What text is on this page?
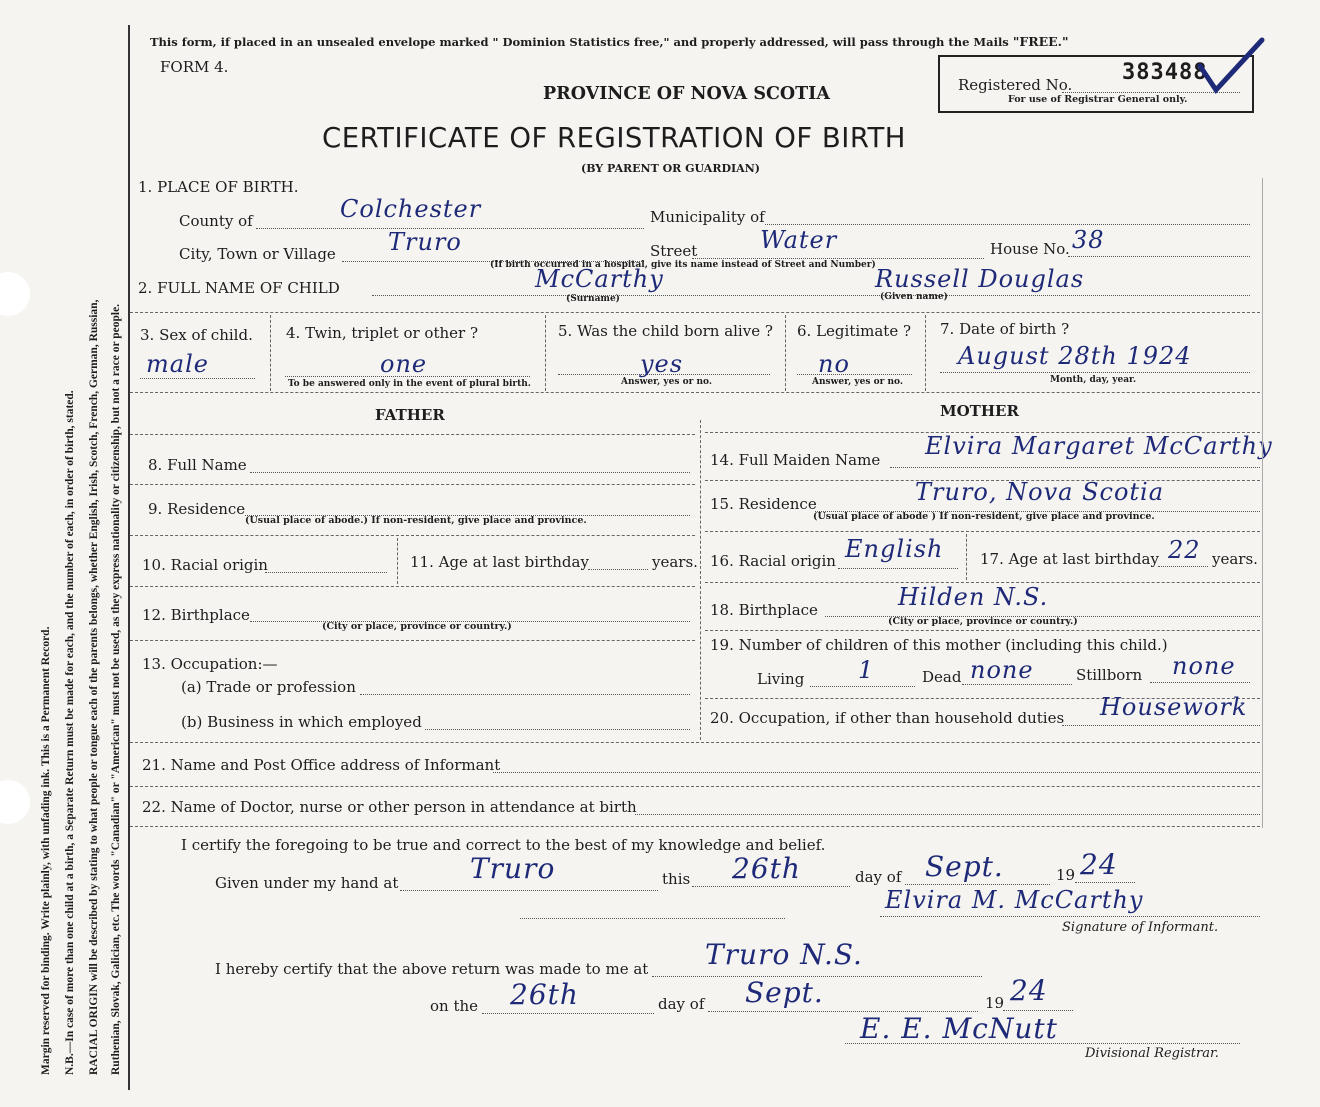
Margin reserved for binding. Write plainly, with unfading ink. This is a Permanent Record. N.B.—In case of more than one child at a birth, a Separate Return must be made for each, and the number of each, in order of birth, stated. RACIAL ORIGIN will be described by stating to what people or tongue each of the parents belongs, whether English, Irish, Scotch, French, German, Russian, Ruthenian, Slovak, Galician, etc. The words "Canadian" or "American" must not be used, as they express nationality or citizenship, but not a race or people.
This form, if placed in an unsealed envelope marked " Dominion Statistics free," and properly addressed, will pass through the Mails "FREE."
FORM 4.
PROVINCE OF NOVA SCOTIA
CERTIFICATE OF REGISTRATION OF BIRTH
(BY PARENT OR GUARDIAN)
Registered No. 383488
For use of Registrar General only.
1. PLACE OF BIRTH.
County of	Colchester	Municipality of
City, Town or Village Truro	Street	Water	House No. 38
(If birth occurred in a hospital, give its name instead of Street and Number)
2. FULL NAME OF CHILD	McCarthy
(Surname)
Russell Douglas
(Given name)
3. Sex of child.
male
4. Twin, triplet or other ?
one
To be answered only in the event of plural birth.
5. Was the child born alive ?
yes
Answer, yes or no.
6. Legitimate ?
no
Answer, yes or no.
7. Date of birth ?
August 28th 1924
Month, day, year.
FATHER	MOTHER
8. Full Name
9. Residence
(Usual place of abode.) If non-resident, give place and province.
10. Racial origin	11. Age at last birthday	years.
12. Birthplace
(City or place, province or country.)
13. Occupation:—
(a) Trade or profession
(b) Business in which employed
14. Full Maiden Name Elvira Margaret McCarthy
15. Residence	Truro, Nova Scotia
(Usual place of abode ) If non-resident, give place and province.
16. Racial origin English 17. Age at last birthday 22 years.
18. Birthplace	Hilden N.S.
(City or place, province or country.)
19. Number of children of this mother (including this child.)
Living 1	Dead none	Stillborn none
20. Occupation, if other than household duties Housework
21. Name and Post Office address of Informant
22. Name of Doctor, nurse or other person in attendance at birth
I certify the foregoing to be true and correct to the best of my knowledge and belief.
Given under my hand at	Truro	this 26th	day of Sept.	19 24
Elvira M. McCarthy
Signature of Informant.
I hereby certify that the above return was made to me at Truro N.S.
on the 26th	day of Sept.	19 24
E. E. McNutt
Divisional Registrar.
